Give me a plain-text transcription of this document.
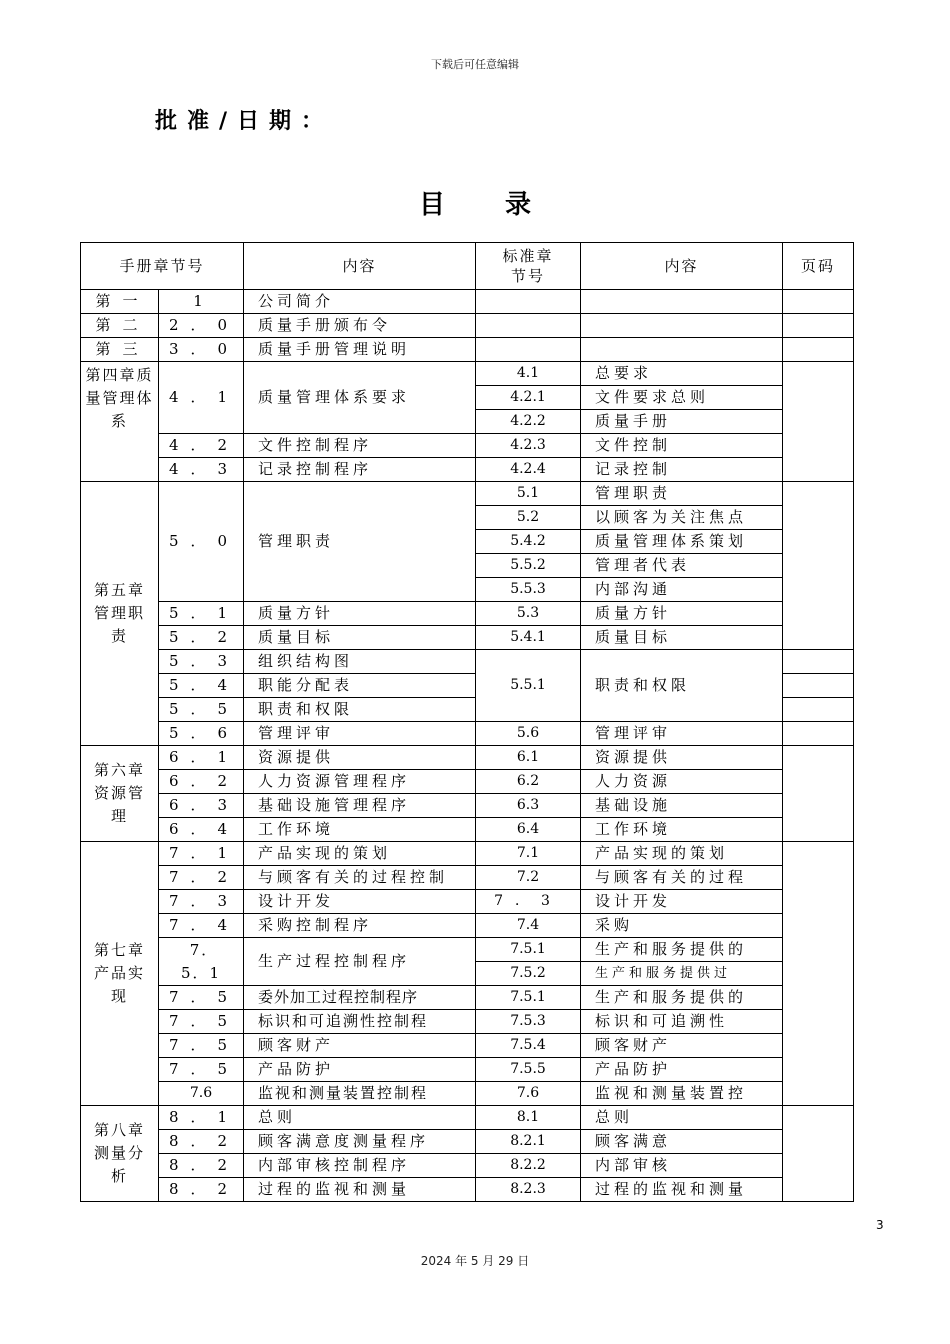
下载后可任意编辑
批准/日期：
目录
手册章节号		内容	标准章
节号	内容	页码
第一	1	公司简介			
第二	2．0	质量手册颁布令			
第三	3．0	质量手册管理说明			

第四章质量管理体系	4．1	质量管理体系要求	4.1	总要求	
			4.2.1	文件要求总则	
			4.2.2	质量手册	
	4．2	文件控制程序	4.2.3	文件控制	
	4．3	记录控制程序	4.2.4	记录控制	

第五章管理职责	5．0	管理职责	5.1	管理职责	
			5.2	以顾客为关注焦点	
			5.4.2	质量管理体系策划	
			5.5.2	管理者代表	
			5.5.3	内部沟通	
	5．1	质量方针	5.3	质量方针	
	5．2	质量目标	5.4.1	质量目标	
	5．3	组织结构图	5.5.1	职责和权限	
	5．4	职能分配表			
	5．5	职责和权限			
	5．6	管理评审	5.6	管理评审	

第六章资源管理	6．1	资源提供	6.1	资源提供	
	6．2	人力资源管理程序	6.2	人力资源	
	6．3	基础设施管理程序	6.3	基础设施	
	6．4	工作环境	6.4	工作环境	

第七章产品实现	7．1	产品实现的策划	7.1	产品实现的策划	
	7．2	与顾客有关的过程控制	7.2	与顾客有关的过程	
	7．3	设计开发	7．3	设计开发	
	7．4	采购控制程序	7.4	采购	

	7．5．1	生产过程控制程序	7.5.1	生产和服务提供的	
			7.5.2	生产和服务提供过	
	7．5	委外加工过程控制程序	7.5.1	生产和服务提供的	
	7．5	标识和可追溯性控制程	7.5.3	标识和可追溯性	
	7．5	顾客财产	7.5.4	顾客财产	
	7．5	产品防护	7.5.5	产品防护	
	7.6	监视和测量装置控制程	7.6	监视和测量装置控	

第八章测量分析	8．1	总则	8.1	总则	
	8．2	顾客满意度测量程序	8.2.1	顾客满意	
	8．2	内部审核控制程序	8.2.2	内部审核	
	8．2	过程的监视和测量	8.2.3	过程的监视和测量	
3
2024 年 5 月 29 日
